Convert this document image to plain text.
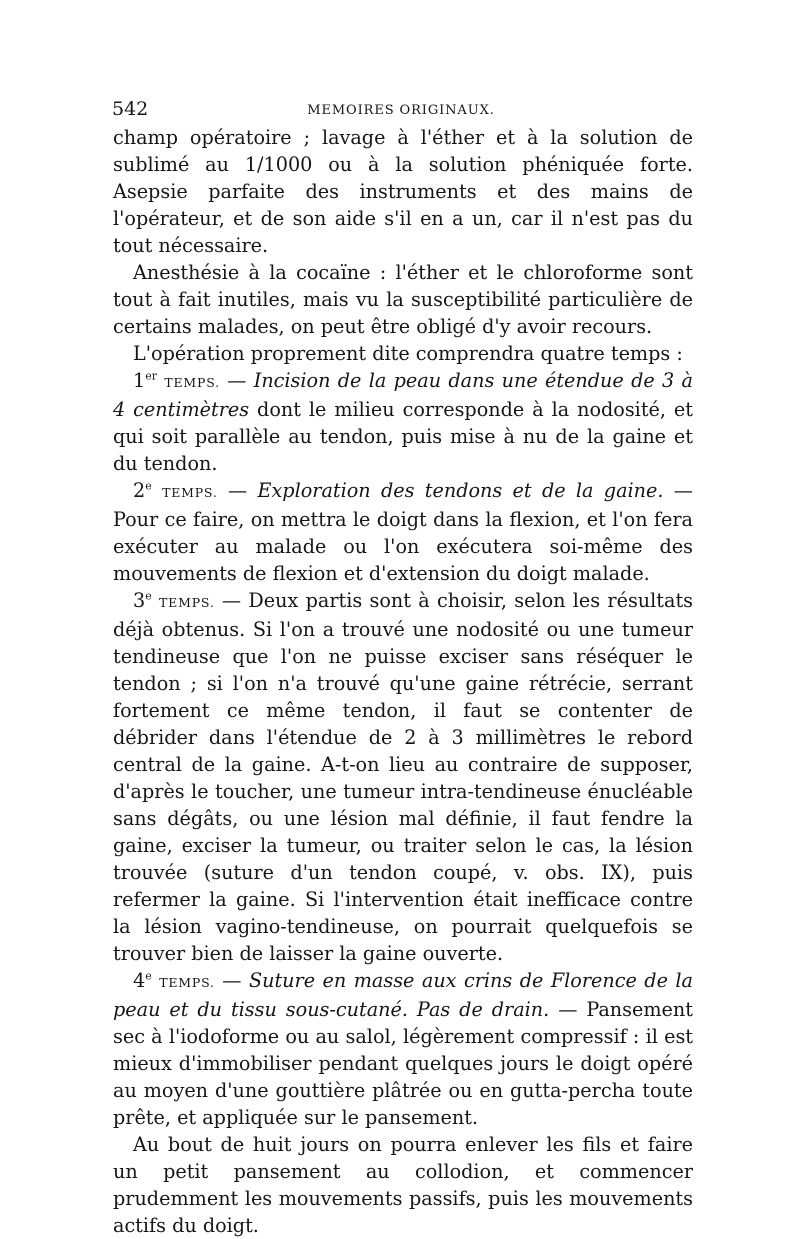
542	MEMOIRES ORIGINAUX.

champ opératoire ; lavage à l'éther et à la solution de sublimé au 1/1000 ou à la solution phéniquée forte. Asepsie parfaite des instruments et des mains de l'opérateur, et de son aide s'il en a un, car il n'est pas du tout nécessaire.

Anesthésie à la cocaïne : l'éther et le chloroforme sont tout à fait inutiles, mais vu la susceptibilité particulière de certains malades, on peut être obligé d'y avoir recours.

L'opération proprement dite comprendra quatre temps :

1er TEMPS. — Incision de la peau dans une étendue de 3 à 4 centimètres dont le milieu corresponde à la nodosité, et qui soit parallèle au tendon, puis mise à nu de la gaine et du tendon.

2e TEMPS. — Exploration des tendons et de la gaine. — Pour ce faire, on mettra le doigt dans la flexion, et l'on fera exécuter au malade ou l'on exécutera soi-même des mouvements de flexion et d'extension du doigt malade.

3e TEMPS. — Deux partis sont à choisir, selon les résultats déjà obtenus. Si l'on a trouvé une nodosité ou une tumeur tendineuse que l'on ne puisse exciser sans réséquer le tendon ; si l'on n'a trouvé qu'une gaine rétrécie, serrant fortement ce même tendon, il faut se contenter de débrider dans l'étendue de 2 à 3 millimètres le rebord central de la gaine. A-t-on lieu au contraire de supposer, d'après le toucher, une tumeur intra-tendineuse énucléable sans dégâts, ou une lésion mal définie, il faut fendre la gaine, exciser la tumeur, ou traiter selon le cas, la lésion trouvée (suture d'un tendon coupé, v. obs. IX), puis refermer la gaine. Si l'intervention était inefficace contre la lésion vagino-tendineuse, on pourrait quelquefois se trouver bien de laisser la gaine ouverte.

4e TEMPS. — Suture en masse aux crins de Florence de la peau et du tissu sous-cutané. Pas de drain. — Pansement sec à l'iodoforme ou au salol, légèrement compressif : il est mieux d'immobiliser pendant quelques jours le doigt opéré au moyen d'une gouttière plâtrée ou en gutta-percha toute prête, et appliquée sur le pansement.

Au bout de huit jours on pourra enlever les fils et faire un petit pansement au collodion, et commencer prudemment les mouvements passifs, puis les mouvements actifs du doigt.
